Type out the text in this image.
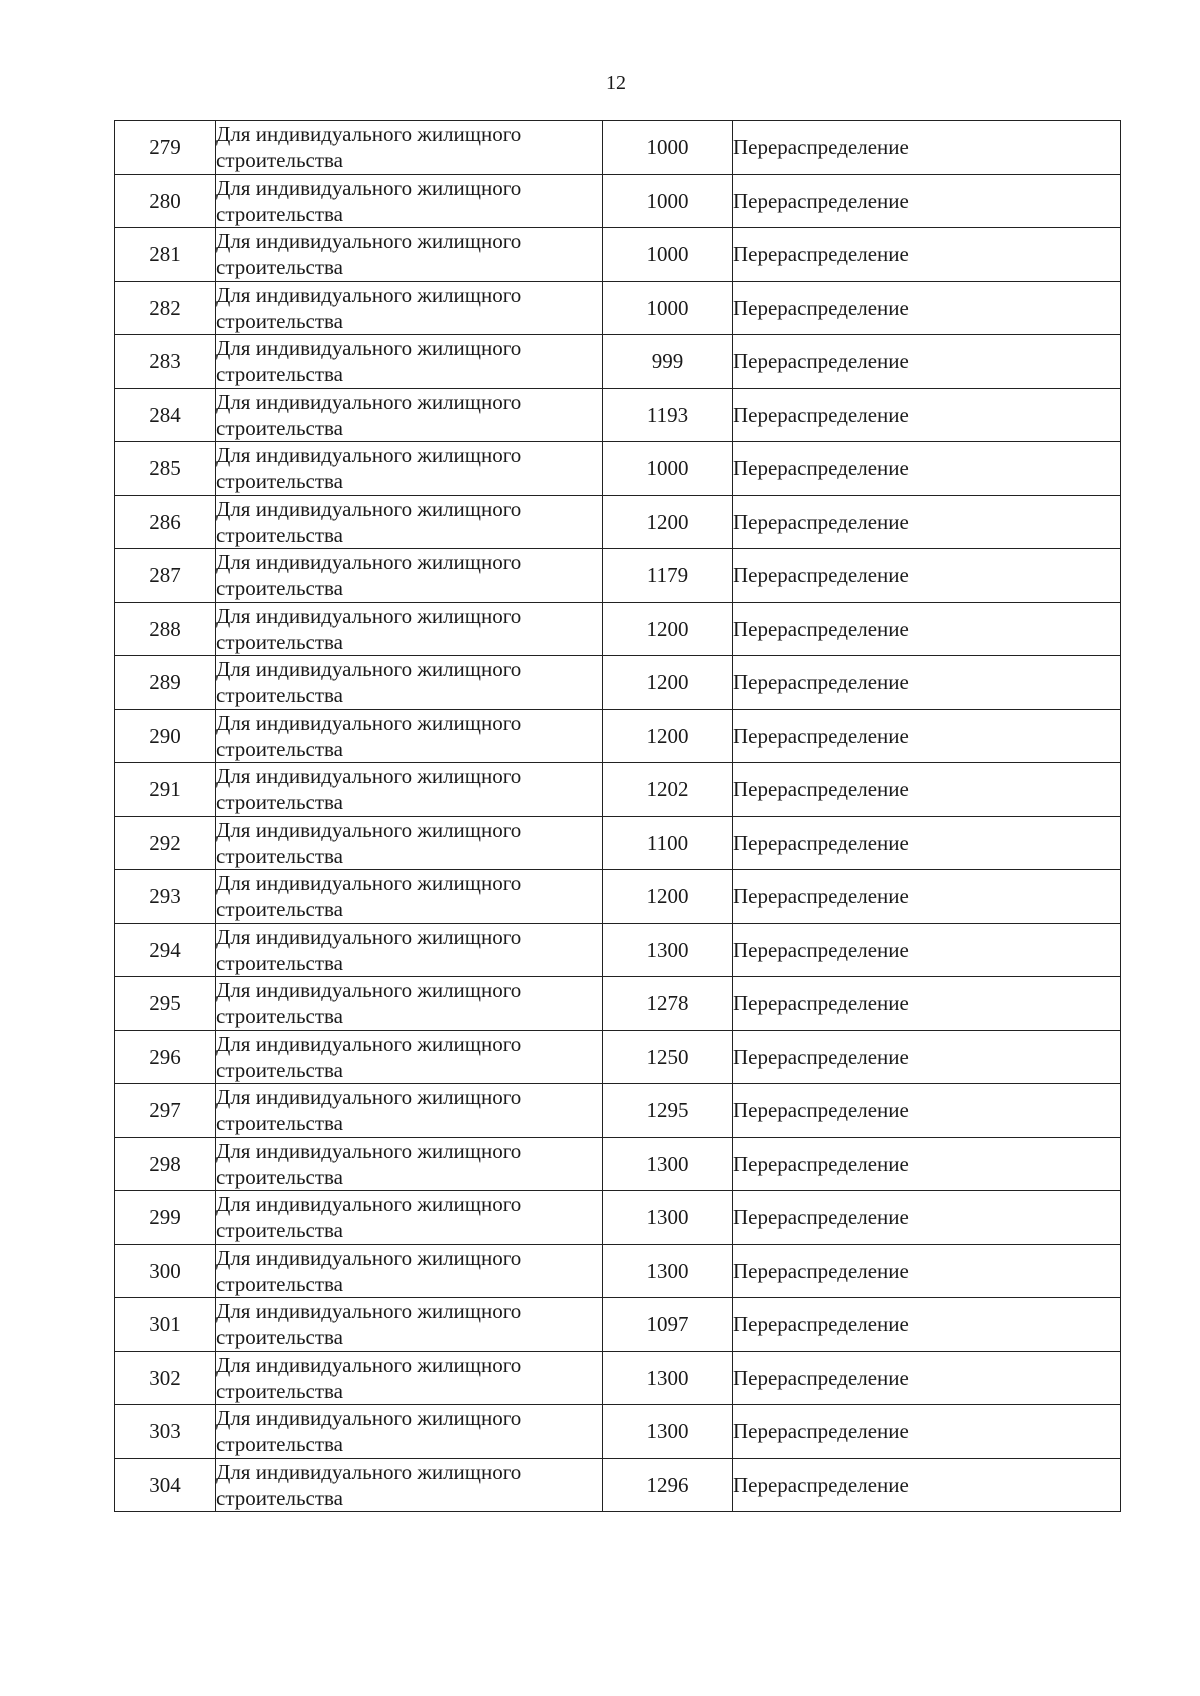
12
279	Для индивидуального жилищного
строительства	1000	Перераспределение
280	Для индивидуального жилищного
строительства	1000	Перераспределение
281	Для индивидуального жилищного
строительства	1000	Перераспределение
282	Для индивидуального жилищного
строительства	1000	Перераспределение
283	Для индивидуального жилищного
строительства	999	Перераспределение
284	Для индивидуального жилищного
строительства	1193	Перераспределение
285	Для индивидуального жилищного
строительства	1000	Перераспределение
286	Для индивидуального жилищного
строительства	1200	Перераспределение
287	Для индивидуального жилищного
строительства	1179	Перераспределение
288	Для индивидуального жилищного
строительства	1200	Перераспределение
289	Для индивидуального жилищного
строительства	1200	Перераспределение
290	Для индивидуального жилищного
строительства	1200	Перераспределение
291	Для индивидуального жилищного
строительства	1202	Перераспределение
292	Для индивидуального жилищного
строительства	1100	Перераспределение
293	Для индивидуального жилищного
строительства	1200	Перераспределение
294	Для индивидуального жилищного
строительства	1300	Перераспределение
295	Для индивидуального жилищного
строительства	1278	Перераспределение
296	Для индивидуального жилищного
строительства	1250	Перераспределение
297	Для индивидуального жилищного
строительства	1295	Перераспределение
298	Для индивидуального жилищного
строительства	1300	Перераспределение
299	Для индивидуального жилищного
строительства	1300	Перераспределение
300	Для индивидуального жилищного
строительства	1300	Перераспределение
301	Для индивидуального жилищного
строительства	1097	Перераспределение
302	Для индивидуального жилищного
строительства	1300	Перераспределение
303	Для индивидуального жилищного
строительства	1300	Перераспределение
304	Для индивидуального жилищного
строительства	1296	Перераспределение
